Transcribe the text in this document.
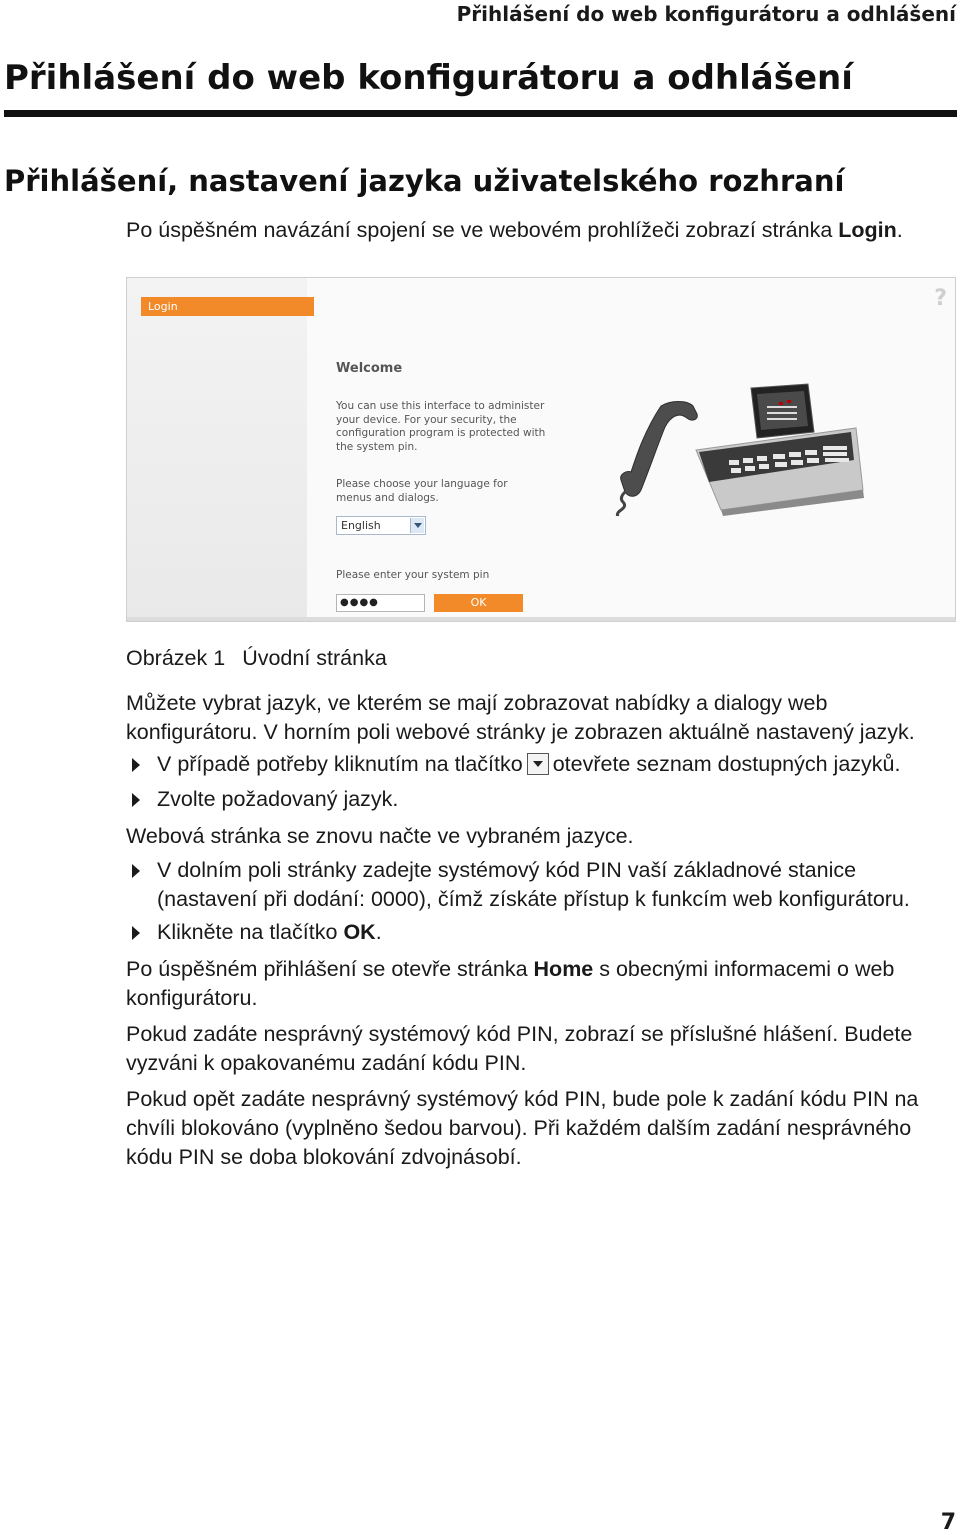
Přihlášení do web konfigurátoru a odhlášení
Přihlášení do web konfigurátoru a odhlášení
Přihlášení, nastavení jazyka uživatelského rozhraní
Po úspěšném navázání spojení se ve webovém prohlížeči zobrazí stránka Login.
Login	?
Welcome
You can use this interface to administer your device. For your security, the configuration program is protected with the system pin.
Please choose your language for menus and dialogs.
English
Please enter your system pin
●●●●	OK
Obrázek 1 Úvodní stránka
Můžete vybrat jazyk, ve kterém se mají zobrazovat nabídky a dialogy web konfigurátoru. V horním poli webové stránky je zobrazen aktuálně nastavený jazyk.
V případě potřeby kliknutím na tlačítko otevřete seznam dostupných jazyků.
Zvolte požadovaný jazyk.
Webová stránka se znovu načte ve vybraném jazyce.
V dolním poli stránky zadejte systémový kód PIN vaší základnové stanice (nastavení při dodání: 0000), čímž získáte přístup k funkcím web konfigurátoru.
Klikněte na tlačítko OK.
Po úspěšném přihlášení se otevře stránka Home s obecnými informacemi o web konfigurátoru.
Pokud zadáte nesprávný systémový kód PIN, zobrazí se příslušné hlášení. Budete vyzváni k opakovanému zadání kódu PIN.
Pokud opět zadáte nesprávný systémový kód PIN, bude pole k zadání kódu PIN na chvíli blokováno (vyplněno šedou barvou). Při každém dalším zadání nesprávného kódu PIN se doba blokování zdvojnásobí.
7
